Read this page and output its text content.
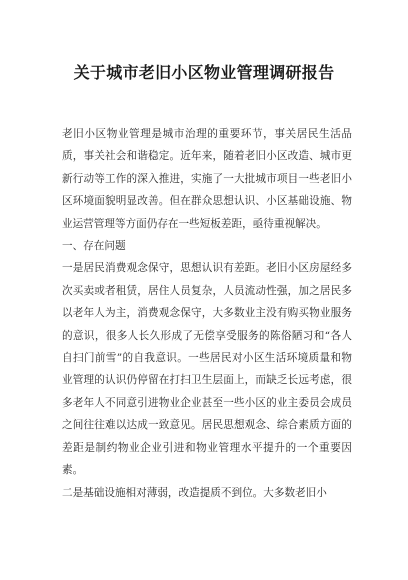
关于城市老旧小区物业管理调研报告

老旧小区物业管理是城市治理的重要环节，事关居民生活品质，事关社会和谐稳定。近年来，随着老旧小区改造、城市更新行动等工作的深入推进，实施了一大批城市项目一些老旧小区环境面貌明显改善。但在群众思想认识、小区基础设施、物业运营管理等方面仍存在一些短板差距，亟待重视解决。

一、存在问题

一是居民消费观念保守，思想认识有差距。老旧小区房屋经多次买卖或者租赁，居住人员复杂，人员流动性强，加之居民多以老年人为主，消费观念保守，大多数业主没有购买物业服务的意识，很多人长久形成了无偿享受服务的陈俗陋习和“各人自扫门前雪”的自我意识。一些居民对小区生活环境质量和物业管理的认识仍停留在打扫卫生层面上，而缺乏长远考虑，很多老年人不同意引进物业企业甚至一些小区的业主委员会成员之间往往难以达成一致意见。居民思想观念、综合素质方面的差距是制约物业企业引进和物业管理水平提升的一个重要因素。

二是基础设施相对薄弱，改造提质不到位。大多数老旧小
